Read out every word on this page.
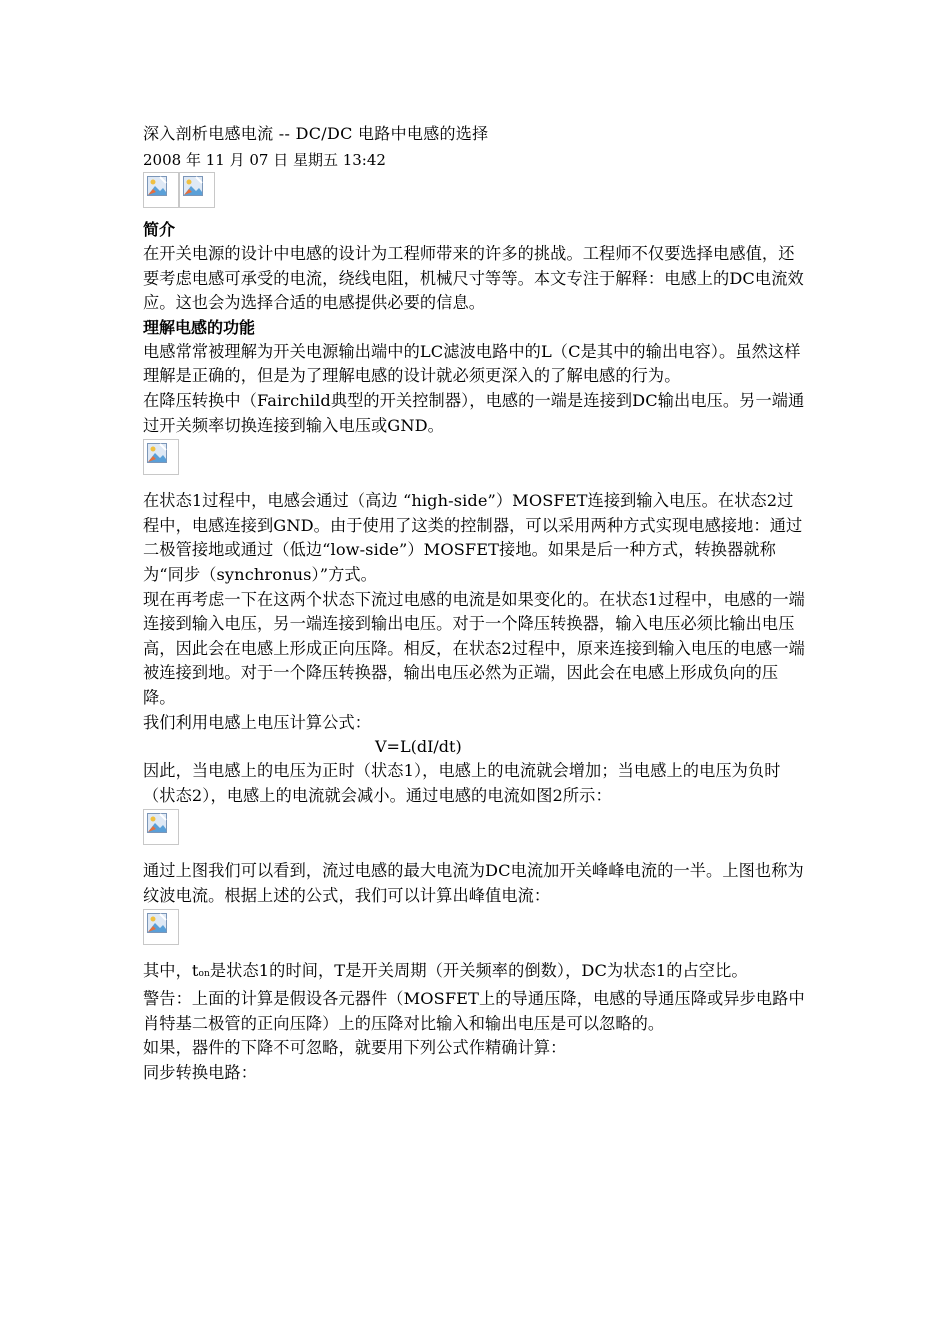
深入剖析电感电流 -- DC/DC 电路中电感的选择
2008 年 11 月 07 日 星期五 13:42
简介
在开关电源的设计中电感的设计为工程师带来的许多的挑战。工程师不仅要选择电感值，还要考虑电感可承受的电流，绕线电阻，机械尺寸等等。本文专注于解释：电感上的DC电流效应。这也会为选择合适的电感提供必要的信息。
理解电感的功能
电感常常被理解为开关电源输出端中的LC滤波电路中的L（C是其中的输出电容）。虽然这样理解是正确的，但是为了理解电感的设计就必须更深入的了解电感的行为。
在降压转换中（Fairchild典型的开关控制器），电感的一端是连接到DC输出电压。另一端通过开关频率切换连接到输入电压或GND。
在状态1过程中，电感会通过（高边 “high-side”）MOSFET连接到输入电压。在状态2过程中，电感连接到GND。由于使用了这类的控制器，可以采用两种方式实现电感接地：通过二极管接地或通过（低边“low-side”）MOSFET接地。如果是后一种方式，转换器就称为“同步（synchronus）”方式。
现在再考虑一下在这两个状态下流过电感的电流是如果变化的。在状态1过程中，电感的一端连接到输入电压，另一端连接到输出电压。对于一个降压转换器，输入电压必须比输出电压高，因此会在电感上形成正向压降。相反，在状态2过程中，原来连接到输入电压的电感一端被连接到地。对于一个降压转换器，输出电压必然为正端，因此会在电感上形成负向的压降。
我们利用电感上电压计算公式：
V=L(dI/dt)
因此，当电感上的电压为正时（状态1），电感上的电流就会增加；当电感上的电压为负时（状态2），电感上的电流就会减小。通过电感的电流如图2所示：
通过上图我们可以看到，流过电感的最大电流为DC电流加开关峰峰电流的一半。上图也称为纹波电流。根据上述的公式，我们可以计算出峰值电流：
其中，ton是状态1的时间，T是开关周期（开关频率的倒数），DC为状态1的占空比。
警告：上面的计算是假设各元器件（MOSFET上的导通压降，电感的导通压降或异步电路中肖特基二极管的正向压降）上的压降对比输入和输出电压是可以忽略的。
如果，器件的下降不可忽略，就要用下列公式作精确计算：
同步转换电路：
